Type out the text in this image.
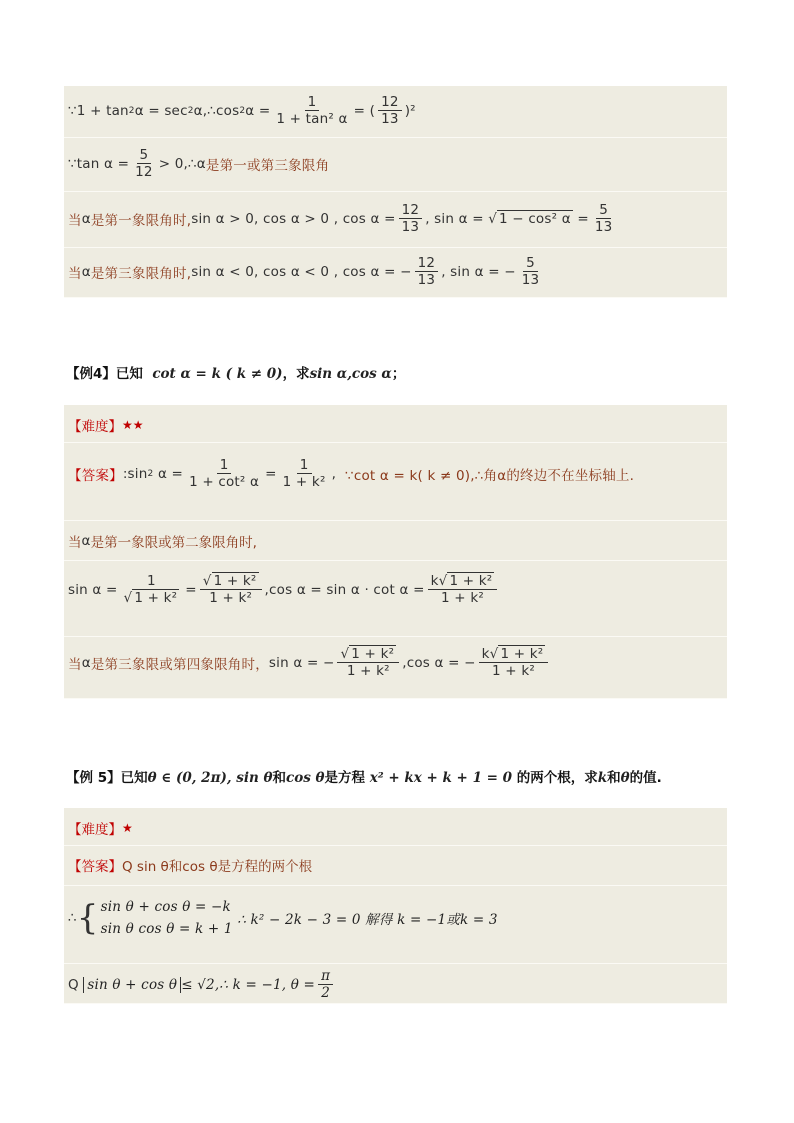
∵1 + tan 2 α = sec 2 α,∴cos 2 $\alpha = \frac{1}{\text{1 + tan² α}}$ = ( $\frac{12}{13} )^2$
∵tan $\alpha = \frac{5}{12}$ > 0,∴α 是第一或第三象限角
当 α 是第一象限角时, sin α > 0, cos α > 0 ,
$\cos \alpha = \frac{12}{13}$ , sin α = √ 1 − cos² α
= $\frac{5}{13}$
当 α 是第三象限角时, sin α < 0, cos α < 0 ,
cos α = − $\frac{12}{13}$ , sin α = − $\frac{5}{13}$
【例4】已知 cot α = k ( k ≠ 0)，求sin α,cos α；
【难度】 ★★
【答案】 :sin 2
$\alpha = \frac{1}{\text{1 + cot² α}} = \frac{1}{\text{1 + k²}}$ ,
∵cot α = k( k ≠ 0),∴角α的终边不在坐标轴上.
当 α 是第一象限或第二象限角时,
$\sin \alpha = \frac{1}{\text{√ 1 + k²}} = \frac{\text{√ 1 + k²}}{\text{1 + k²}} ,\cos$ $\alpha = \sin \alpha \cdot \cot \alpha = \frac{\text{k√ 1 + k²}}{\text{1 + k²}}$
当 α 是第三象限或第四象限角时， sin α = − $\frac{\text{√ 1 + k²}}{\text{1 + k²}} ,\cos$ α = − $\frac{\text{k√ 1 + k²}}{\text{1 + k²}}$
【例 5】已知θ ∈ (0, 2π), sin θ和cos θ是方程 x² + kx + k + 1 = 0 的两个根，求k和θ的值.
【难度】 ★
【答案】 Q sin θ和cos θ是方程的两个根
∴ { sin θ + cos θ = −k
sin θ cos θ = k + 1

∴ k² − 2k − 3 = 0 解得 k = −1或k = 3
Q
sin θ + cos θ ≤ √2,∴ k = −1, $\theta = \frac{\pi}{2}$
